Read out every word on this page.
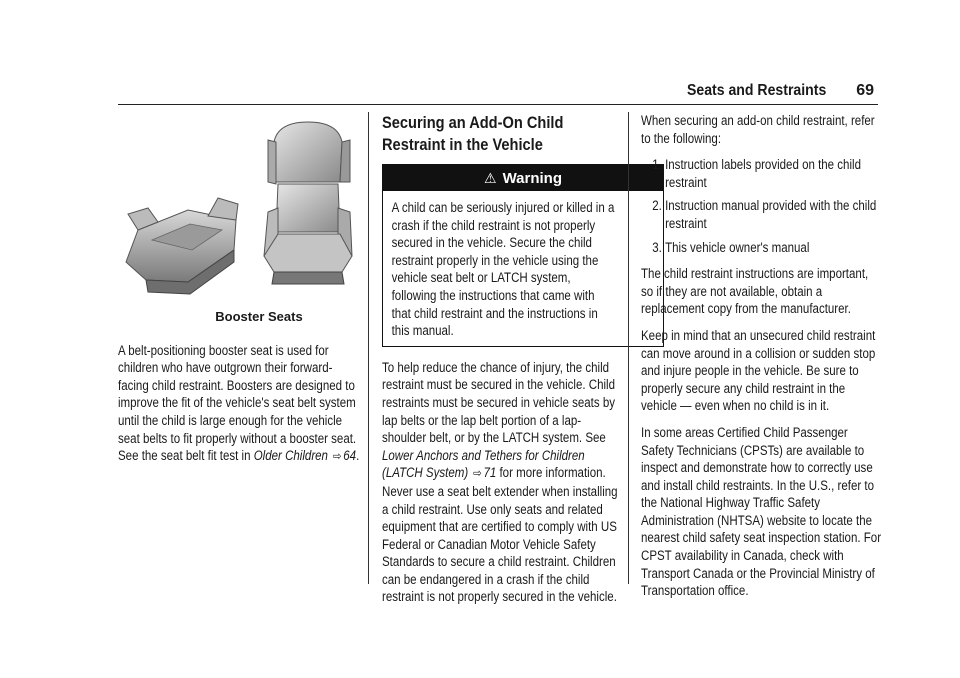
Seats and Restraints 69
Booster Seats

A belt-positioning booster seat is used for children who have outgrown their forward-facing child restraint. Boosters are designed to improve the fit of the vehicle's seat belt system until the child is large enough for the vehicle seat belts to fit properly without a booster seat. See the seat belt fit test in Older Children ⇨ 64.

Securing an Add-On Child Restraint in the Vehicle
⚠ Warning
A child can be seriously injured or killed in a crash if the child restraint is not properly secured in the vehicle. Secure the child restraint properly in the vehicle using the vehicle seat belt or LATCH system, following the instructions that came with that child restraint and the instructions in this manual.

To help reduce the chance of injury, the child restraint must be secured in the vehicle. Child restraints must be secured in vehicle seats by lap belts or the lap belt portion of a lap-shoulder belt, or by the LATCH system. See Lower Anchors and Tethers for Children (LATCH System) ⇨ 71 for more information. Never use a seat belt extender when installing a child restraint. Use only seats and related equipment that are certified to comply with US Federal or Canadian Motor Vehicle Safety Standards to secure a child restraint. Children can be endangered in a crash if the child restraint is not properly secured in the vehicle.

When securing an add-on child restraint, refer to the following:

1. Instruction labels provided on the child restraint
2. Instruction manual provided with the child restraint
3. This vehicle owner's manual

The child restraint instructions are important, so if they are not available, obtain a replacement copy from the manufacturer.

Keep in mind that an unsecured child restraint can move around in a collision or sudden stop and injure people in the vehicle. Be sure to properly secure any child restraint in the vehicle — even when no child is in it.

In some areas Certified Child Passenger Safety Technicians (CPSTs) are available to inspect and demonstrate how to correctly use and install child restraints. In the U.S., refer to the National Highway Traffic Safety Administration (NHTSA) website to locate the nearest child safety seat inspection station. For CPST availability in Canada, check with Transport Canada or the Provincial Ministry of Transportation office.
